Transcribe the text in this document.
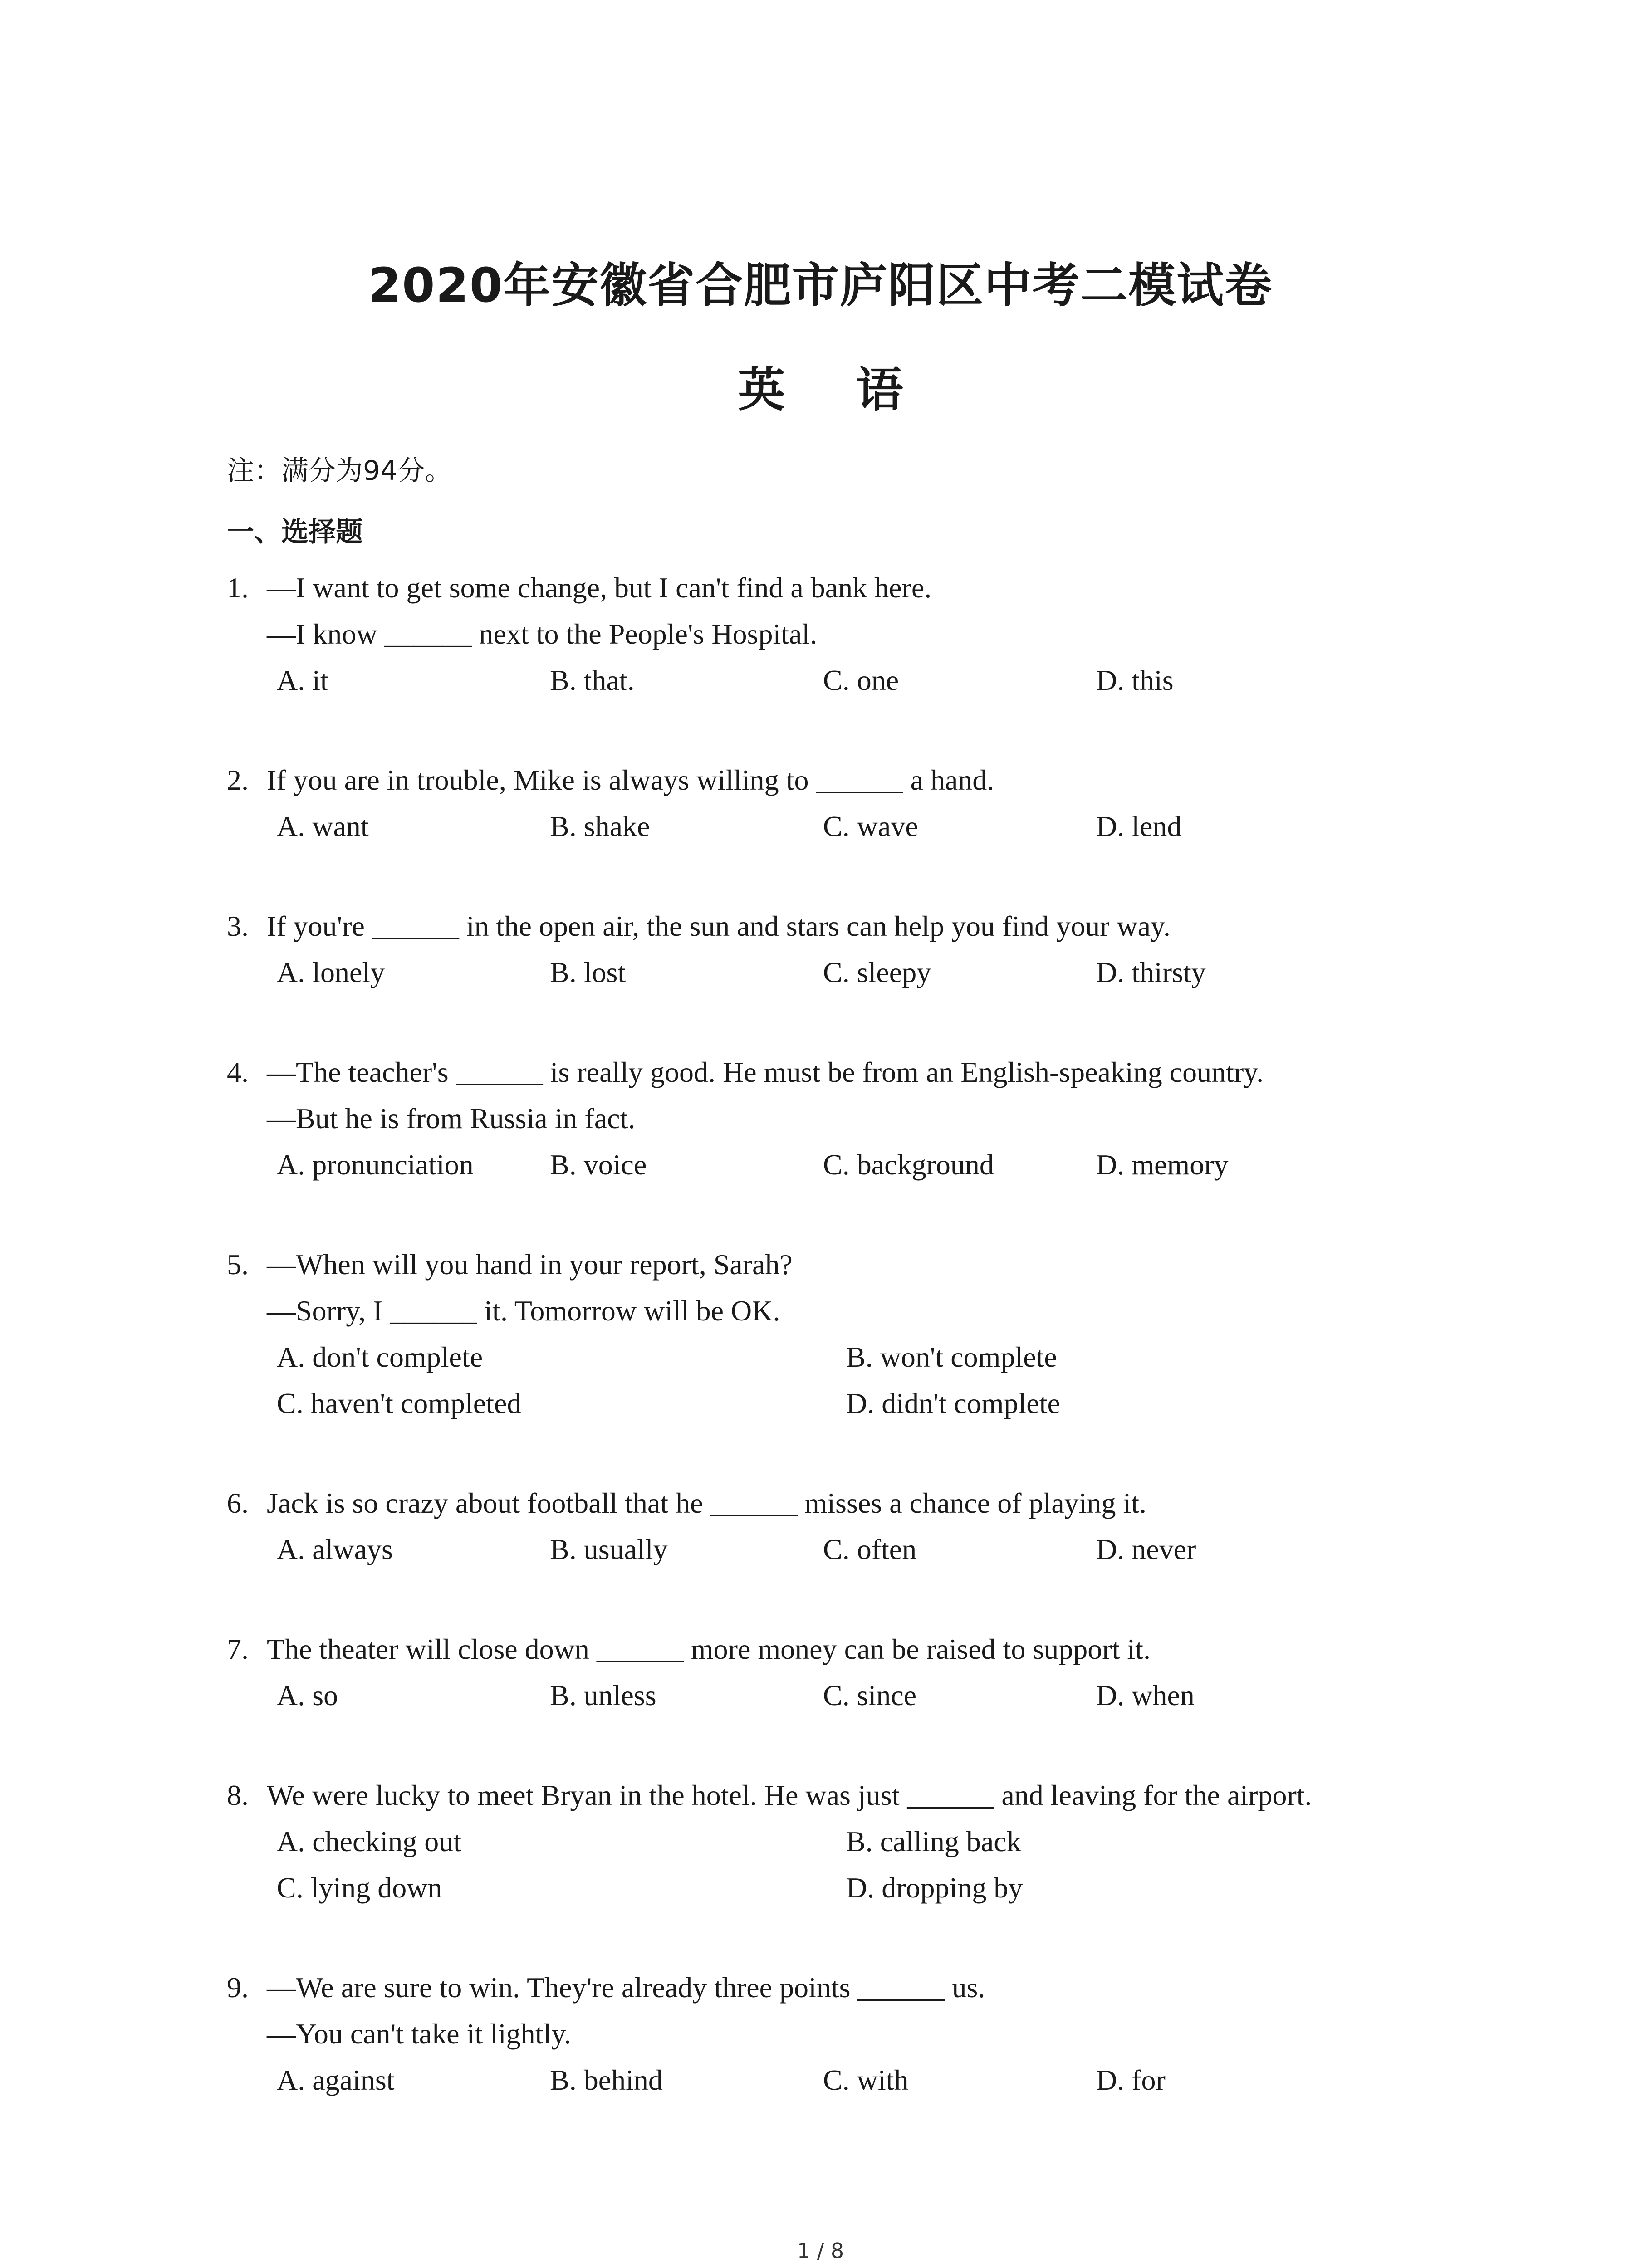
2020年安徽省合肥市庐阳区中考二模试卷
英 语
注：满分为94分。
一、选择题
1. —I want to get some change, but I can't find a bank here.
—I know ______ next to the People's Hospital.
A. it	B. that.	C. one	D. this
2. If you are in trouble, Mike is always willing to ______ a hand.
A. want	B. shake	C. wave	D. lend
3. If you're ______ in the open air, the sun and stars can help you find your way.
A. lonely	B. lost	C. sleepy	D. thirsty
4. —The teacher's ______ is really good. He must be from an English-speaking country.
—But he is from Russia in fact.
A. pronunciation	B. voice	C. background	D. memory
5. —When will you hand in your report, Sarah?
—Sorry, I ______ it. Tomorrow will be OK.
A. don't complete	B. won't complete
C. haven't completed	D. didn't complete
6. Jack is so crazy about football that he ______ misses a chance of playing it.
A. always	B. usually	C. often	D. never
7. The theater will close down ______ more money can be raised to support it.
A. so	B. unless	C. since	D. when
8. We were lucky to meet Bryan in the hotel. He was just ______ and leaving for the airport.
A. checking out	B. calling back
C. lying down	D. dropping by
9. —We are sure to win. They're already three points ______ us.
—You can't take it lightly.
A. against	B. behind	C. with	D. for
1 / 8
